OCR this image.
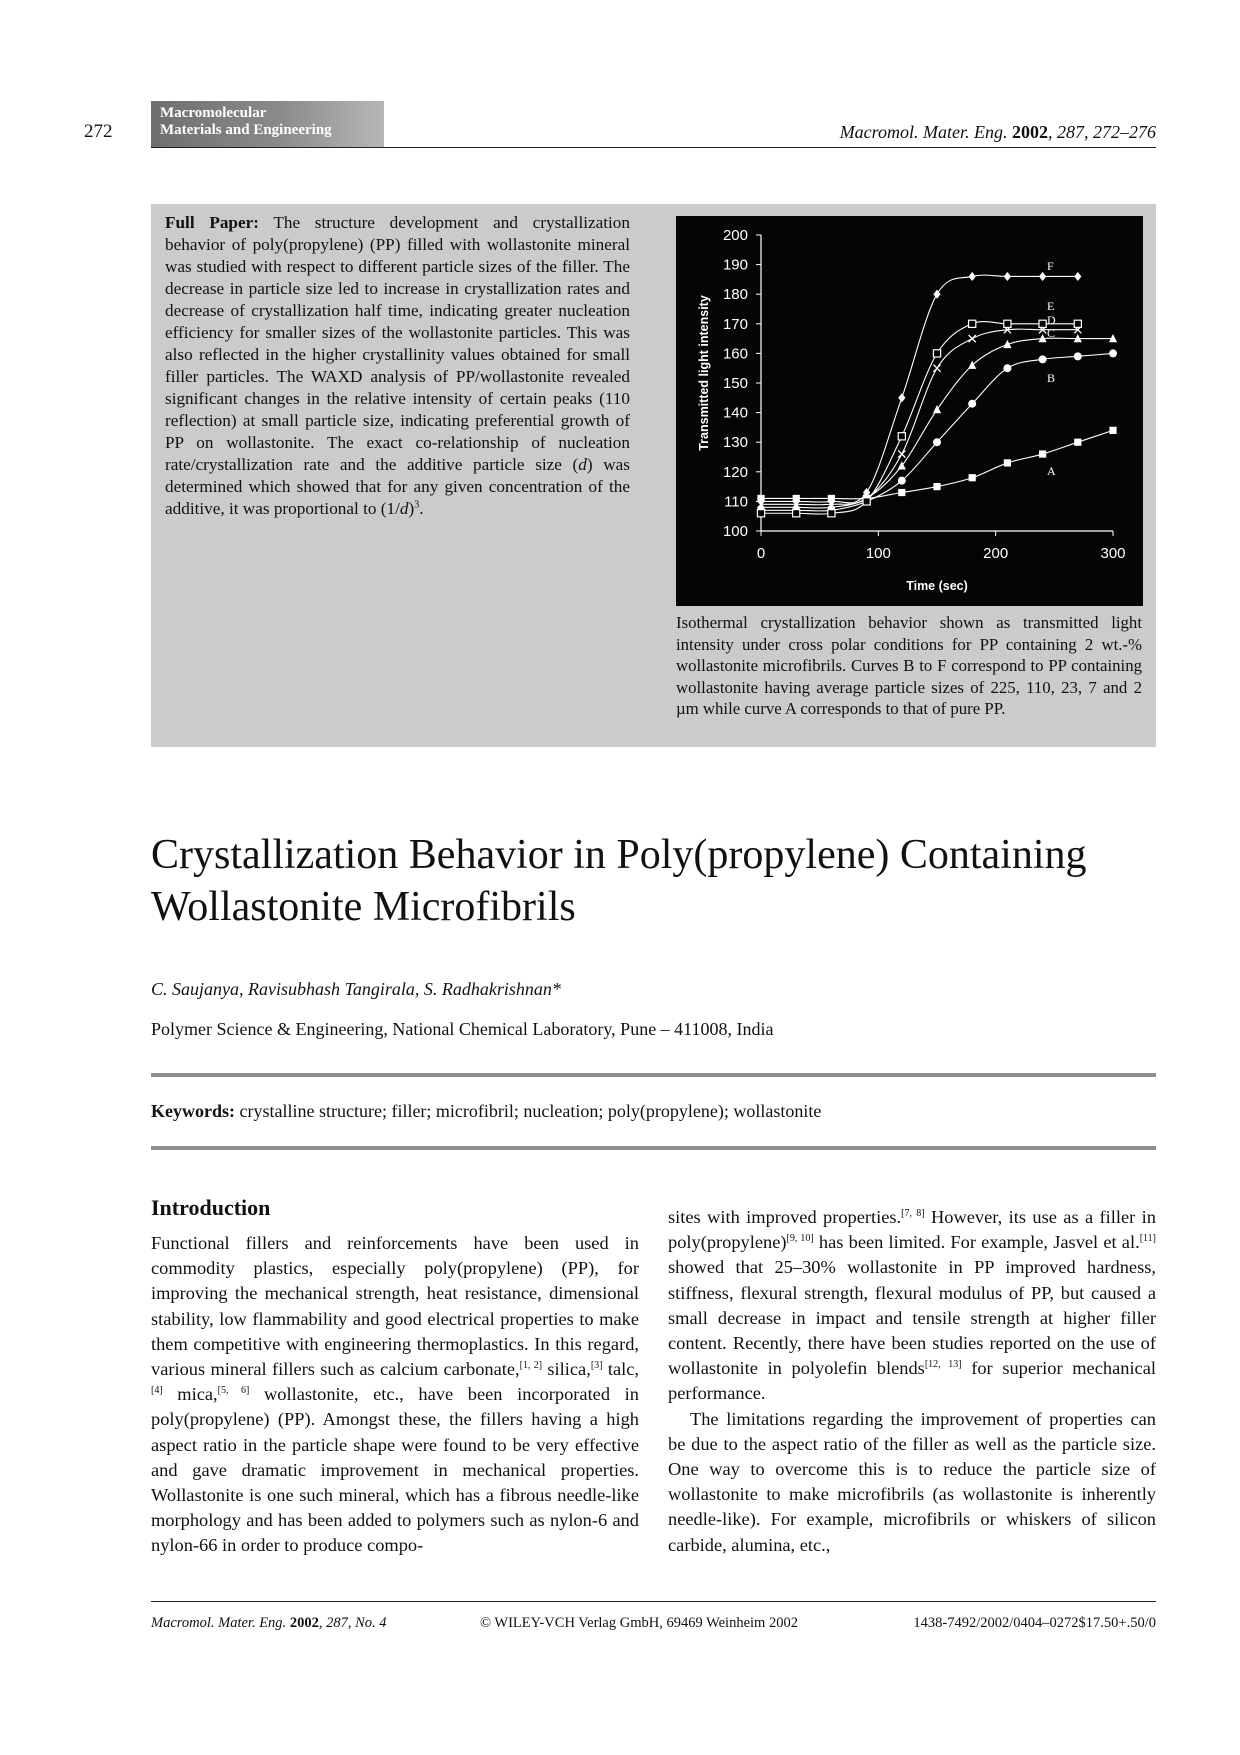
272
Macromolecular
Materials and Engineering	Macromol. Mater. Eng. 2002, 287, 272–276
Full Paper: The structure development and crystallization behavior of poly(propylene) (PP) filled with wollastonite mineral was studied with respect to different particle sizes of the filler. The decrease in particle size led to increase in crystallization rates and decrease of crystallization half time, indicating greater nucleation efficiency for smaller sizes of the wollastonite particles. This was also reflected in the higher crystallinity values obtained for small filler particles. The WAXD analysis of PP/wollastonite revealed significant changes in the relative intensity of certain peaks (110 reflection) at small particle size, indicating preferential growth of PP on wollastonite. The exact co-relationship of nucleation rate/crystallization rate and the additive particle size (d) was determined which showed that for any given concentration of the additive, it was proportional to $(1/d)^3$.
100
110
120
130
140
150
160
170
180
190
200
0	100	200	300
Time (sec)
Transmitted light intensity
A
B
C
D
E
F
Isothermal crystallization behavior shown as transmitted light intensity under cross polar conditions for PP containing 2 wt.-% wollastonite microfibrils. Curves B to F correspond to PP containing wollastonite having average particle sizes of 225, 110, 23, 7 and 2 µm while curve A corresponds to that of pure PP.
Crystallization Behavior in Poly(propylene) Containing
Wollastonite Microfibrils
C. Saujanya, Ravisubhash Tangirala, S. Radhakrishnan*
Polymer Science & Engineering, National Chemical Laboratory, Pune – 411008, India
Keywords: crystalline structure; filler; microfibril; nucleation; poly(propylene); wollastonite
Introduction

Functional fillers and reinforcements have been used in commodity plastics, especially poly(propylene) (PP), for improving the mechanical strength, heat resistance, dimensional stability, low flammability and good electrical properties to make them competitive with engineering thermoplastics. In this regard, various mineral fillers such as calcium carbonate,[1, 2] silica,[3] talc,[4] mica,[5, 6] wollastonite, etc., have been incorporated in poly(propylene) (PP). Amongst these, the fillers having a high aspect ratio in the particle shape were found to be very effective and gave dramatic improvement in mechanical properties. Wollastonite is one such mineral, which has a fibrous needle-like morphology and has been added to polymers such as nylon-6 and nylon-66 in order to produce compo-

sites with improved properties.[7, 8] However, its use as a filler in poly(propylene)[9, 10] has been limited. For example, Jasvel et al.[11] showed that 25–30% wollastonite in PP improved hardness, stiffness, flexural strength, flexural modulus of PP, but caused a small decrease in impact and tensile strength at higher filler content. Recently, there have been studies reported on the use of wollastonite in polyolefin blends[12, 13] for superior mechanical performance.

The limitations regarding the improvement of properties can be due to the aspect ratio of the filler as well as the particle size. One way to overcome this is to reduce the particle size of wollastonite to make microfibrils (as wollastonite is inherently needle-like). For example, microfibrils or whiskers of silicon carbide, alumina, etc.,

Macromol. Mater. Eng. 2002, 287, No. 4	© WILEY-VCH Verlag GmbH, 69469 Weinheim 2002	1438-7492/2002/0404–0272$17.50+.50/0
